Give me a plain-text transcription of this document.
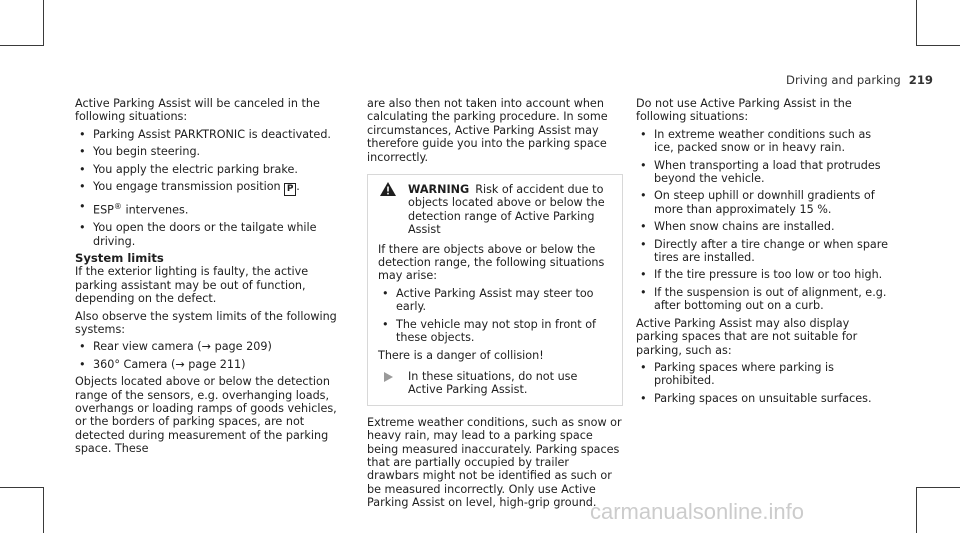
Driving and parking 219

Active Parking Assist will be canceled in the following situations:

• Parking Assist PARKTRONIC is deactivated.
• You begin steering.
• You apply the electric parking brake.
• You engage transmission position P .
• ESP® intervenes.
• You open the doors or the tailgate while driving.
System limits

If the exterior lighting is faulty, the active parking assistant may be out of function, depending on the defect.

Also observe the system limits of the following systems:

• Rear view camera (→ page 209)
• 360° Camera (→ page 211)

Objects located above or below the detection range of the sensors, e.g. overhanging loads, overhangs or loading ramps of goods vehicles, or the borders of parking spaces, are not detected during measurement of the parking space. These

are also then not taken into account when calculating the parking procedure. In some circumstances, Active Parking Assist may therefore guide you into the parking space incorrectly.

WARNING Risk of accident due to objects located above or below the detection range of Active Parking Assist

If there are objects above or below the detection range, the following situations may arise:

• Active Parking Assist may steer too early.
• The vehicle may not stop in front of these objects.

There is a danger of collision!

In these situations, do not use Active Parking Assist.

Extreme weather conditions, such as snow or heavy rain, may lead to a parking space being measured inaccurately. Parking spaces that are partially occupied by trailer drawbars might not be identified as such or be measured incorrectly. Only use Active Parking Assist on level, high-grip ground.

Do not use Active Parking Assist in the following situations:

• In extreme weather conditions such as ice, packed snow or in heavy rain.
• When transporting a load that protrudes beyond the vehicle.
• On steep uphill or downhill gradients of more than approximately 15 %.
• When snow chains are installed.
• Directly after a tire change or when spare tires are installed.
• If the tire pressure is too low or too high.
• If the suspension is out of alignment, e.g. after bottoming out on a curb.

Active Parking Assist may also display parking spaces that are not suitable for parking, such as:

• Parking spaces where parking is prohibited.
• Parking spaces on unsuitable surfaces.
carmanualsonline.info
